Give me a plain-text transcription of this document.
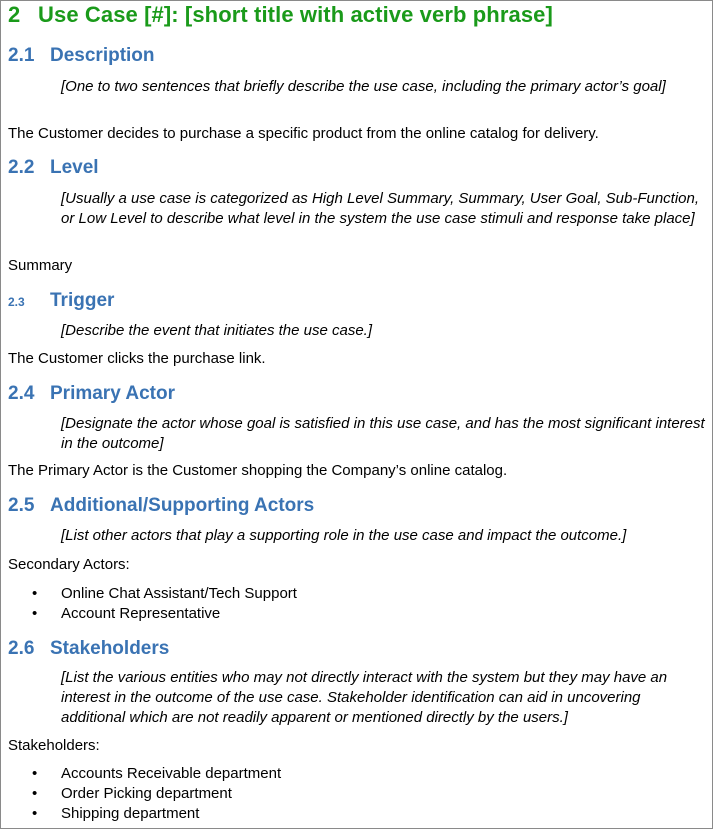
2 Use Case [#]: [short title with active verb phrase]
2.1 Description
[One to two sentences that briefly describe the use case, including the primary actor’s goal]
The Customer decides to purchase a specific product from the online catalog for delivery.
2.2 Level
[Usually a use case is categorized as High Level Summary, Summary, User Goal, Sub-Function, or Low Level to describe what level in the system the use case stimuli and response take place]
Summary
2.3 Trigger
[Describe the event that initiates the use case.]
The Customer clicks the purchase link.
2.4 Primary Actor
[Designate the actor whose goal is satisfied in this use case, and has the most significant interest in the outcome]
The Primary Actor is the Customer shopping the Company’s online catalog.
2.5 Additional/Supporting Actors
[List other actors that play a supporting role in the use case and impact the outcome.]
Secondary Actors:
• Online Chat Assistant/Tech Support
• Account Representative
2.6 Stakeholders
[List the various entities who may not directly interact with the system but they may have an interest in the outcome of the use case. Stakeholder identification can aid in uncovering additional which are not readily apparent or mentioned directly by the users.]
Stakeholders:
• Accounts Receivable department
• Order Picking department
• Shipping department
